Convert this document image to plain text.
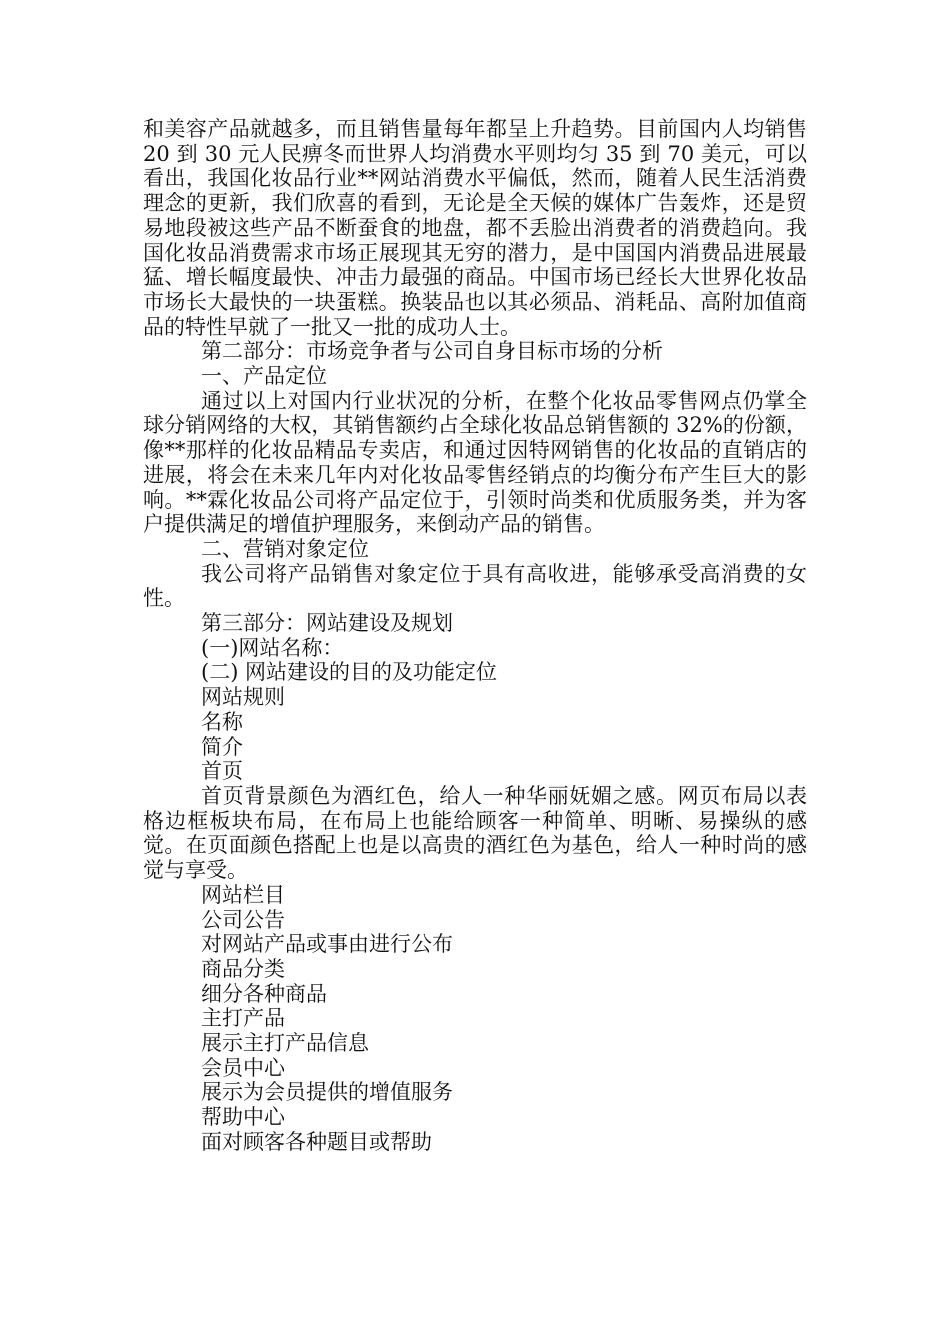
和美容产品就越多，而且销售量每年都呈上升趋势。目前国内人均销售 20 到 30 元人民痹冬而世界人均消费水平则均匀 35 到 70 美元，可以看出，我国化妆品行业**网站消费水平偏低，然而，随着人民生活消费理念的更新，我们欣喜的看到，无论是全天候的媒体广告轰炸，还是贸易地段被这些产品不断蚕食的地盘，都不丢脸出消费者的消费趋向。我国化妆品消费需求市场正展现其无穷的潜力，是中国国内消费品进展最猛、增长幅度最快、冲击力最强的商品。中国市场已经长大世界化妆品市场长大最快的一块蛋糕。换装品也以其必须品、消耗品、高附加值商品的特性早就了一批又一批的成功人士。

第二部分：市场竞争者与公司自身目标市场的分析

一、产品定位

通过以上对国内行业状况的分析，在整个化妆品零售网点仍掌全球分销网络的大权，其销售额约占全球化妆品总销售额的 32%的份额，像**那样的化妆品精品专卖店，和通过因特网销售的化妆品的直销店的进展，将会在未来几年内对化妆品零售经销点的均衡分布产生巨大的影响。**霖化妆品公司将产品定位于，引领时尚类和优质服务类，并为客户提供满足的增值护理服务，来倒动产品的销售。

二、营销对象定位

我公司将产品销售对象定位于具有高收进，能够承受高消费的女性。

第三部分：网站建设及规划

(一)网站名称：

(二) 网站建设的目的及功能定位

网站规则

名称

简介

首页

首页背景颜色为酒红色，给人一种华丽妩媚之感。网页布局以表格边框板块布局，在布局上也能给顾客一种简单、明晰、易操纵的感觉。在页面颜色搭配上也是以高贵的酒红色为基色，给人一种时尚的感觉与享受。

网站栏目

公司公告

对网站产品或事由进行公布

商品分类

细分各种商品

主打产品

展示主打产品信息

会员中心

展示为会员提供的增值服务

帮助中心

面对顾客各种题目或帮助
